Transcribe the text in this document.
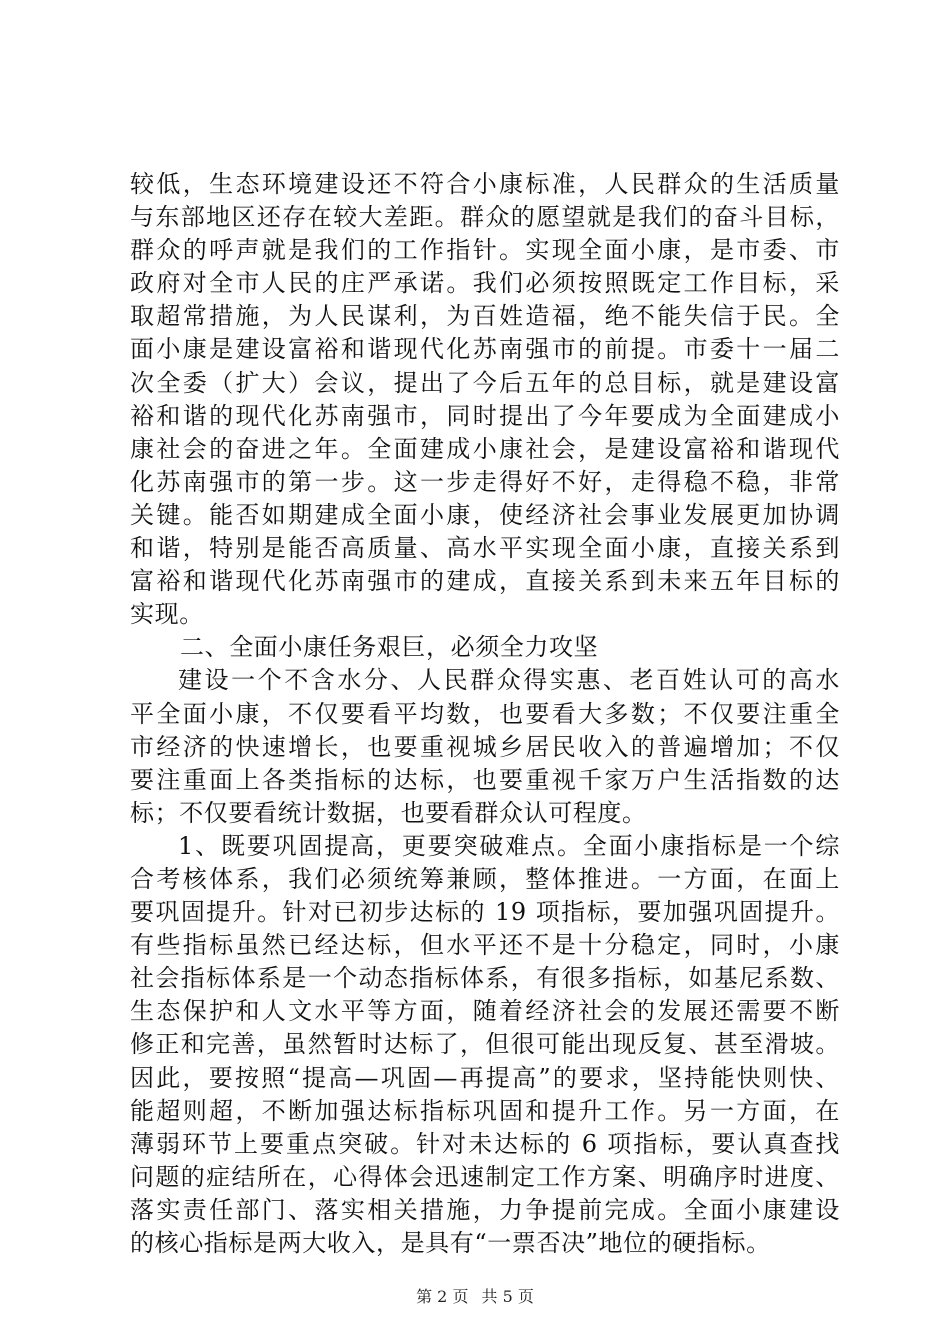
较低，生态环境建设还不符合小康标准，人民群众的生活质量
与东部地区还存在较大差距。群众的愿望就是我们的奋斗目标，
群众的呼声就是我们的工作指针。实现全面小康，是市委、市
政府对全市人民的庄严承诺。我们必须按照既定工作目标，采
取超常措施，为人民谋利，为百姓造福，绝不能失信于民。全
面小康是建设富裕和谐现代化苏南强市的前提。市委十一届二
次全委（扩大）会议，提出了今后五年的总目标，就是建设富
裕和谐的现代化苏南强市，同时提出了今年要成为全面建成小
康社会的奋进之年。全面建成小康社会，是建设富裕和谐现代
化苏南强市的第一步。这一步走得好不好，走得稳不稳，非常
关键。能否如期建成全面小康，使经济社会事业发展更加协调
和谐，特别是能否高质量、高水平实现全面小康，直接关系到
富裕和谐现代化苏南强市的建成，直接关系到未来五年目标的
实现。
二、全面小康任务艰巨，必须全力攻坚
建设一个不含水分、人民群众得实惠、老百姓认可的高水
平全面小康，不仅要看平均数，也要看大多数；不仅要注重全
市经济的快速增长，也要重视城乡居民收入的普遍增加；不仅
要注重面上各类指标的达标，也要重视千家万户生活指数的达
标；不仅要看统计数据，也要看群众认可程度。
1、既要巩固提高，更要突破难点。全面小康指标是一个综
合考核体系，我们必须统筹兼顾，整体推进。一方面，在面上
要巩固提升。针对已初步达标的 19 项指标，要加强巩固提升。
有些指标虽然已经达标，但水平还不是十分稳定，同时，小康
社会指标体系是一个动态指标体系，有很多指标，如基尼系数、
生态保护和人文水平等方面，随着经济社会的发展还需要不断
修正和完善，虽然暂时达标了，但很可能出现反复、甚至滑坡。
因此，要按照“提高—巩固—再提高”的要求，坚持能快则快、
能超则超，不断加强达标指标巩固和提升工作。另一方面，在
薄弱环节上要重点突破。针对未达标的 6 项指标，要认真查找
问题的症结所在，心得体会迅速制定工作方案、明确序时进度、
落实责任部门、落实相关措施，力争提前完成。全面小康建设
的核心指标是两大收入，是具有“一票否决”地位的硬指标。
第 2 页 共 5 页
